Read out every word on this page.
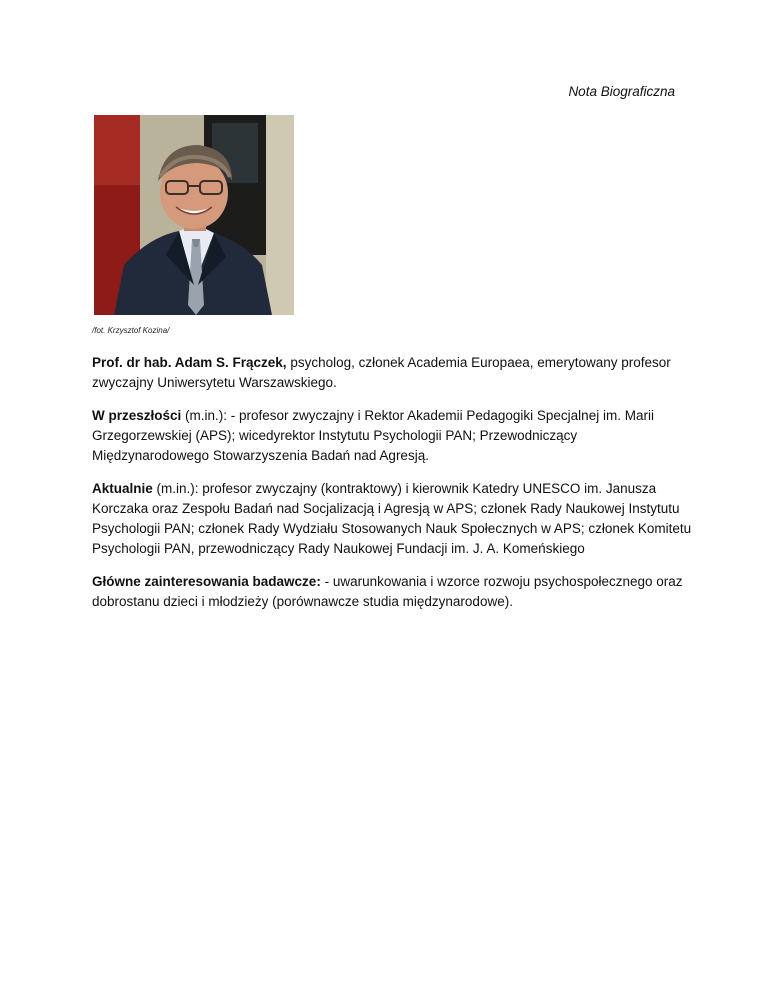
Nota Biograficzna
/fot. Krzysztof Kozina/

Prof. dr hab. Adam S. Frączek, psycholog, członek Academia Europaea, emerytowany profesor zwyczajny Uniwersytetu Warszawskiego.

W przeszłości (m.in.): - profesor zwyczajny i Rektor Akademii Pedagogiki Specjalnej im. Marii Grzegorzewskiej (APS); wicedyrektor Instytutu Psychologii PAN; Przewodniczący Międzynarodowego Stowarzyszenia Badań nad Agresją.

Aktualnie (m.in.): profesor zwyczajny (kontraktowy) i kierownik Katedry UNESCO im. Janusza Korczaka oraz Zespołu Badań nad Socjalizacją i Agresją w APS; członek Rady Naukowej Instytutu Psychologii PAN; członek Rady Wydziału Stosowanych Nauk Społecznych w APS; członek Komitetu Psychologii PAN, przewodniczący Rady Naukowej Fundacji im. J. A. Komeńskiego

Główne zainteresowania badawcze: - uwarunkowania i wzorce rozwoju psychospołecznego oraz dobrostanu dzieci i młodzieży (porównawcze studia międzynarodowe).
